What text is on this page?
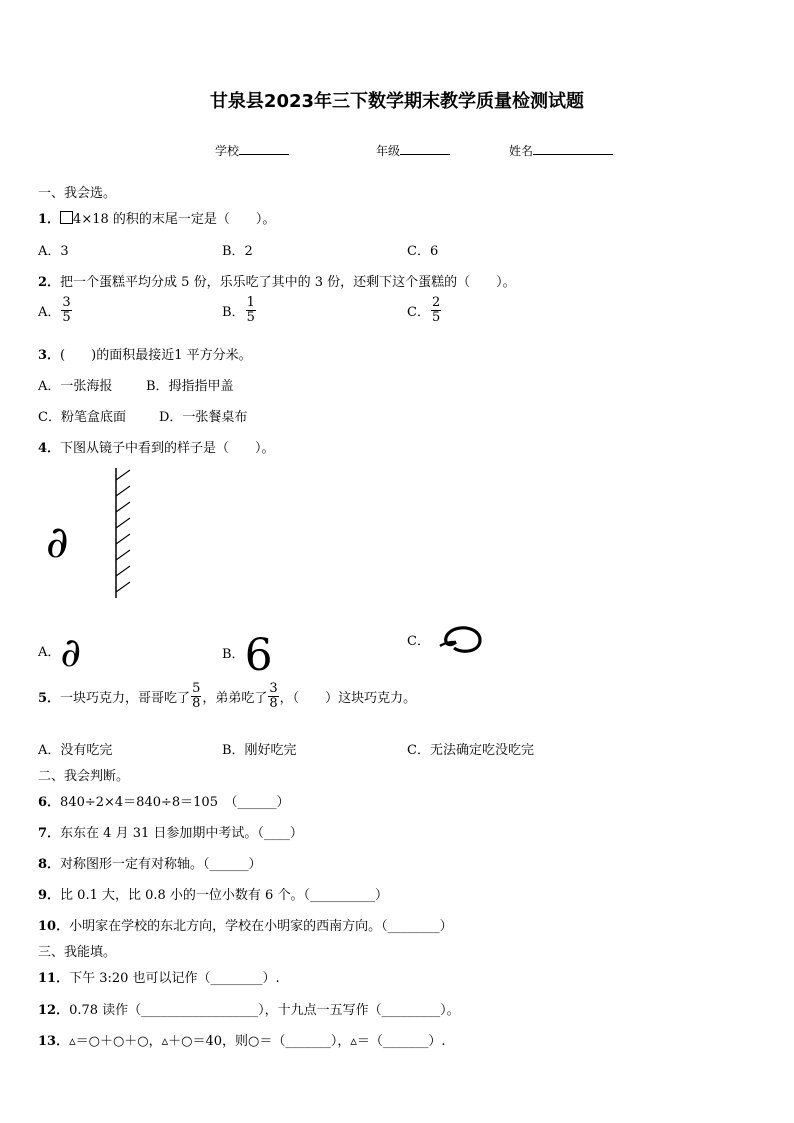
甘泉县2023年三下数学期末教学质量检测试题
学校	年级	姓名
一、我会选。
1． 4×18 的积的末尾一定是（　　）。
A．3	B．2	C．6
2．把一个蛋糕平均分成 5 份，乐乐吃了其中的 3 份，还剩下这个蛋糕的（　　）。
A． $\frac{3}{5}$	B． $\frac{1}{5}$	C． $\frac{2}{5}$
3．(　　)的面积最接近1 平方分米。
A．一张海报	B．拇指指甲盖
C．粉笔盒底面	D．一张餐桌布
4．下图从镜子中看到的样子是（　　）。
∂
A．∂	B．6	C．
5．一块巧克力，哥哥吃了 $\frac{5}{8}$ ，弟弟吃了 $\frac{3}{8}$ ，（　　）这块巧克力。
A．没有吃完	B．刚好吃完	C．无法确定吃没吃完
二、我会判断。
6．840÷2×4＝840÷8＝105　（______）
7．东东在 4 月 31 日参加期中考试。（____）
8．对称图形一定有对称轴。（______）
9．比 0.1 大，比 0.8 小的一位小数有 6 个。（__________）
10．小明家在学校的东北方向，学校在小明家的西南方向。（________）
三、我能填。
11．下午 3:20 也可以记作（________）.
12．0.78 读作（__________________），十九点一五写作（_________）。
13．▵＝○＋○＋○，▵＋○＝40，则○＝（_______），▵＝（_______）.
